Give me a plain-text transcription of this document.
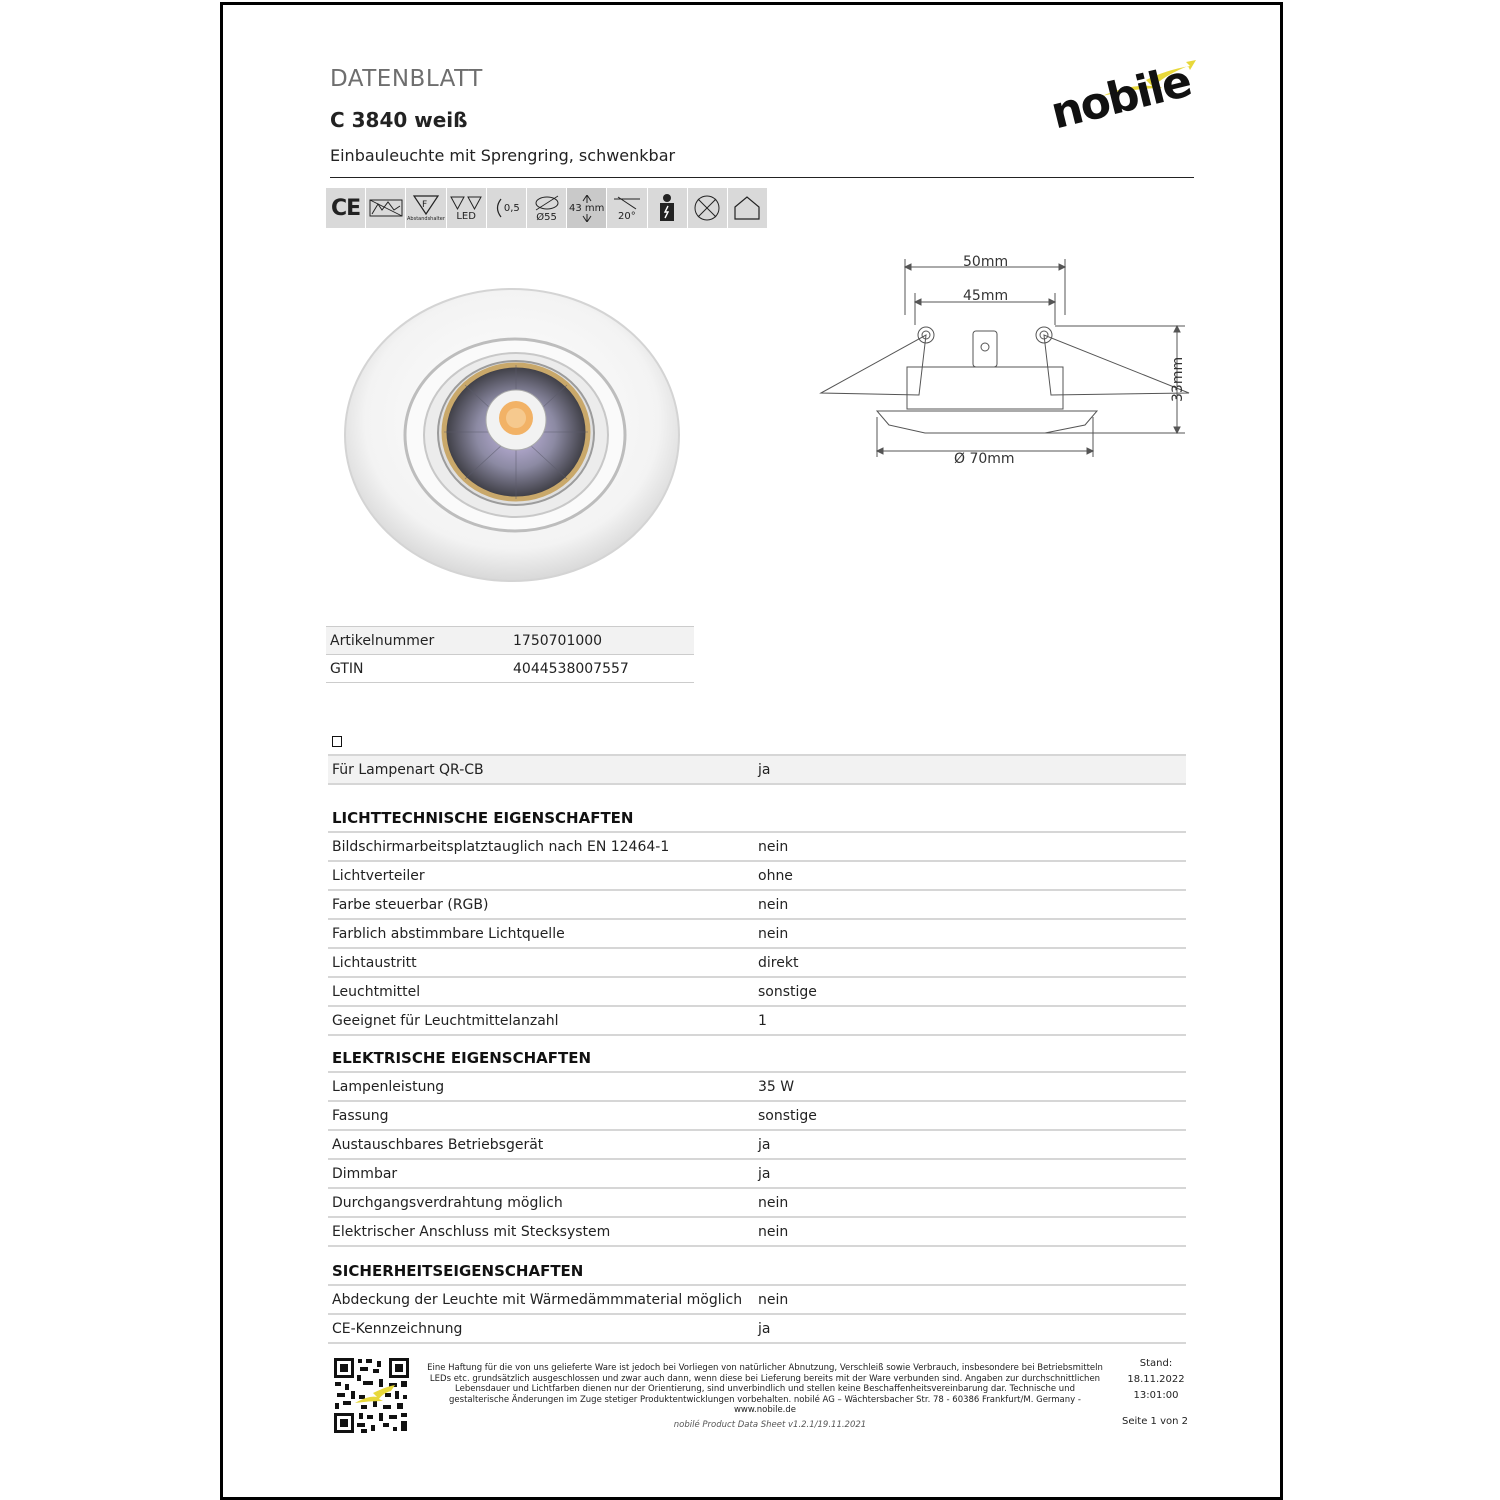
DATENBLATT
C 3840 weiß
Einbauleuchte mit Sprengring, schwenkbar
nobile
CE	F
Abstandshalter LED
0,5
Ø55
43 mm
20°
50mm
45mm
Ø 70mm
33mm
Artikelnummer	1750701000
GTIN	4044538007557
Für Lampenart QR-CB	ja
LICHTTECHNISCHE EIGENSCHAFTEN
Bildschirmarbeitsplatztauglich nach EN 12464-1	nein
Lichtverteiler	ohne
Farbe steuerbar (RGB)	nein
Farblich abstimmbare Lichtquelle	nein
Lichtaustritt	direkt
Leuchtmittel	sonstige
Geeignet für Leuchtmittelanzahl	1
ELEKTRISCHE EIGENSCHAFTEN
Lampenleistung	35 W
Fassung	sonstige
Austauschbares Betriebsgerät	ja
Dimmbar	ja
Durchgangsverdrahtung möglich	nein
Elektrischer Anschluss mit Stecksystem	nein
SICHERHEITSEIGENSCHAFTEN
Abdeckung der Leuchte mit Wärmedämmmaterial möglich	nein
CE-Kennzeichnung	ja
Eine Haftung für die von uns gelieferte Ware ist jedoch bei Vorliegen von natürlicher Abnutzung, Verschleiß sowie Verbrauch, insbesondere bei Betriebsmitteln LEDs etc. grundsätzlich ausgeschlossen und zwar auch dann, wenn diese bei Lieferung bereits mit der Ware verbunden sind. Angaben zur durchschnittlichen Lebensdauer und Lichtfarben dienen nur der Orientierung, sind unverbindlich und stellen keine Beschaffenheitsvereinbarung dar. Technische und gestalterische Änderungen im Zuge stetiger Produktentwicklungen vorbehalten. nobilé AG – Wächtersbacher Str. 78 - 60386 Frankfurt/M. Germany - www.nobile.de
nobilé Product Data Sheet v1.2.1/19.11.2021
Stand:
18.11.2022
13:01:00
Seite 1 von 2
